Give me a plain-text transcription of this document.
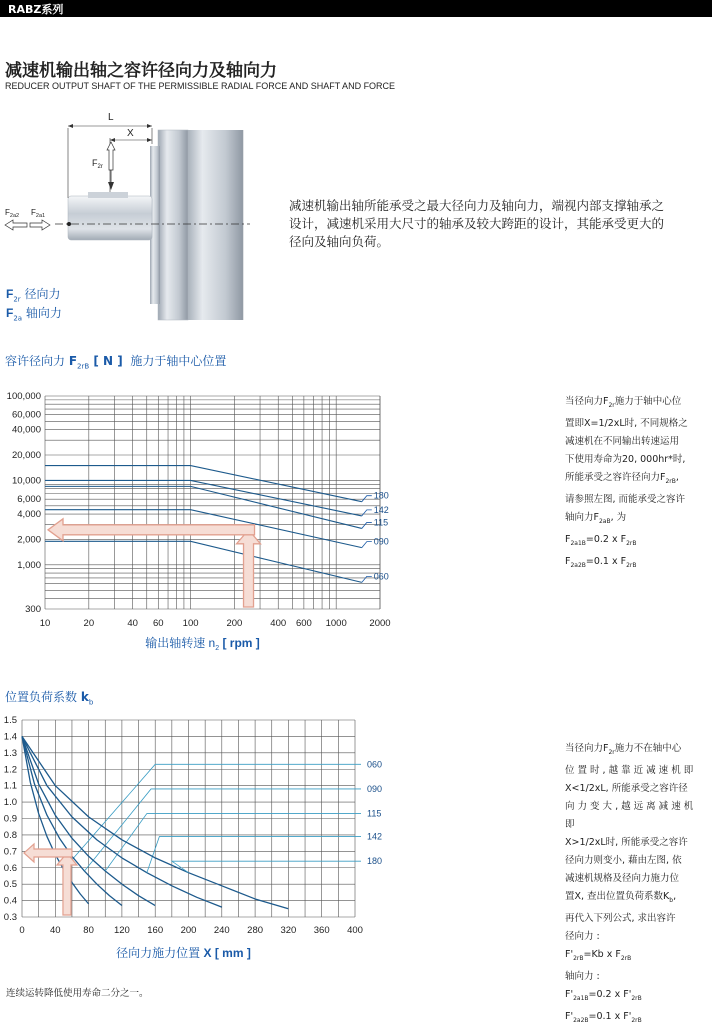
RABZ系列
减速机输出轴之容许径向力及轴向力
REDUCER OUTPUT SHAFT OF THE PERMISSIBLE RADIAL FORCE AND SHAFT AND FORCE
L
X
$F_{2r}$
$F_{2a2}$ $F_{2a1}$
减速机输出轴所能承受之最大径向力及轴向力，端视内部支撑轴承之设计，减速机采用大尺寸的轴承及较大跨距的设计，其能承受更大的径向及轴向负荷。
$F_{2r}$ 径向力
$F_{2a}$ 轴向力
容许径向力 $F_{2rB}$ [ N ] 施力于轴中心位置
300
1,000
2,000
4,000
6,000
10,000
20,000
40,000
60,000
100,000
10	20	40 60 100	200	400 600 1000 2000
180
142
115
090
060
输出轴转速 $n_2$ [ rpm ]
当径向力$F_{2r}$施力于轴中心位
置即X=1/2xL时, 不同规格之
减速机在不同输出转速运用
下使用寿命为20, 000hr*时,
所能承受之容许径向力$F_{2rB}$,
请参照左图, 而能承受之容许
轴向力$F_{2aB}$, 为
$F_{2a1B}=0.2$ x $F_{2rB}$
$F_{2a2B}=0.1$ x $F_{2rB}$
位置负荷系数 $k_b$
0.3
0.4
0.5
0.6
0.7
0.8
0.9
1.0
1.1
1.2
1.3
1.4
1.5
0	40 80 120 160 200 240 280 320 360 400
060
090
115
142
180
径向力施力位置 X [ mm ]
当径向力$F_{2r}$施力不在轴中心
位 置 时 , 越 靠 近 减 速 机 即
X<1/2xL, 所能承受之容许径
向 力 变 大 , 越 远 离 减 速 机 即
X>1/2xL时, 所能承受之容许
径向力则变小, 藉由左图, 依
减速机规格及径向力施力位
置X, 查出位置负荷系数$K_b$,
再代入下列公式, 求出容许
径向力 :
$F'_{2rB}=Kb$ x $F_{2rB}$
轴向力 :
$F'_{2a1B}=0.2$ x $F'_{2rB}$
$F'_{2a2B}=0.1$ x $F'_{2rB}$
连续运转降低使用寿命二分之一。
